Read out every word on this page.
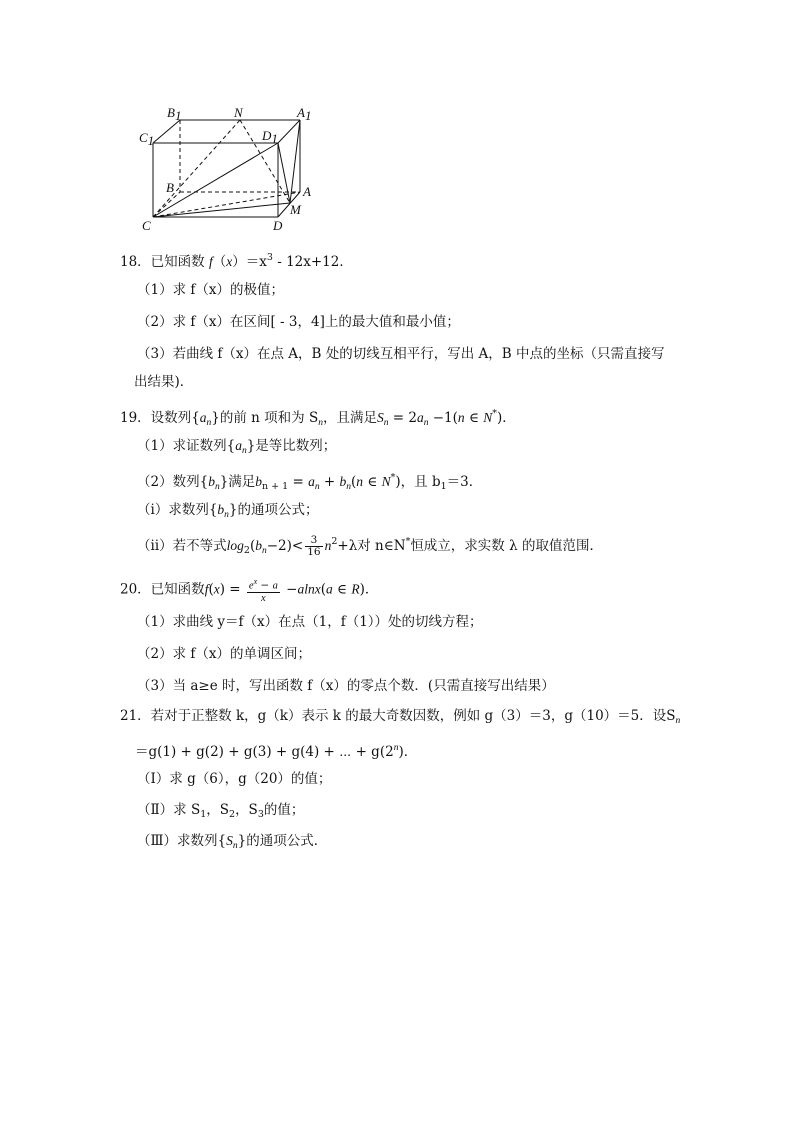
B1	N	A1
C1	D1
B	A
M
C	D
18．已知函数 $f(x)=x^3 - 12x+12$．
（1）求 f（x）的极值；
（2）求 f（x）在区间[ - 3，4]上的最大值和最小值；
（3）若曲线 f（x）在点 A，B 处的切线互相平行，写出 A，B 中点的坐标（只需直接写
出结果)．
19．设数列$\{a_n\}$的前 n 项和为 $S_n$，且满足$S_n = 2a_n -1(n$ ∈ N*)．
（1）求证数列$\{a_n\}$是等比数列；
（2）数列$\{b_n\}$满足$b_{n + 1} = a_n + b_n(n$ ∈ N*)，且 $b_1=3$．
（ⅰ）求数列$\{b_n\}$的通项公式；
（ⅱ）若不等式$\log_2(b_n-2)< \frac{3}{16} n^2+\lambda$对 n∈N*恒成立，求实数 λ 的取值范围．
20．已知函数$f(x) = \frac{e^x - a}{x} -alnx(a$ ∈ R)．
（1）求曲线 y＝f（x）在点（1，f（1））处的切线方程；
（2）求 f（x）的单调区间；
（3）当 a≥e 时，写出函数 f（x）的零点个数．(只需直接写出结果）
21．若对于正整数 k，g（k）表示 k 的最大奇数因数，例如 g（3）＝3，g（10）＝5．设$S_n$
＝g(1) + g(2) + g(3) + g(4) + ⋯ + $g(2^n)$．
（Ⅰ）求 g（6），g（20）的值；
（Ⅱ）求 $S_1$，$S_2$，$S_3$的值；
（Ⅲ）求数列$\{S_n\}$的通项公式．
